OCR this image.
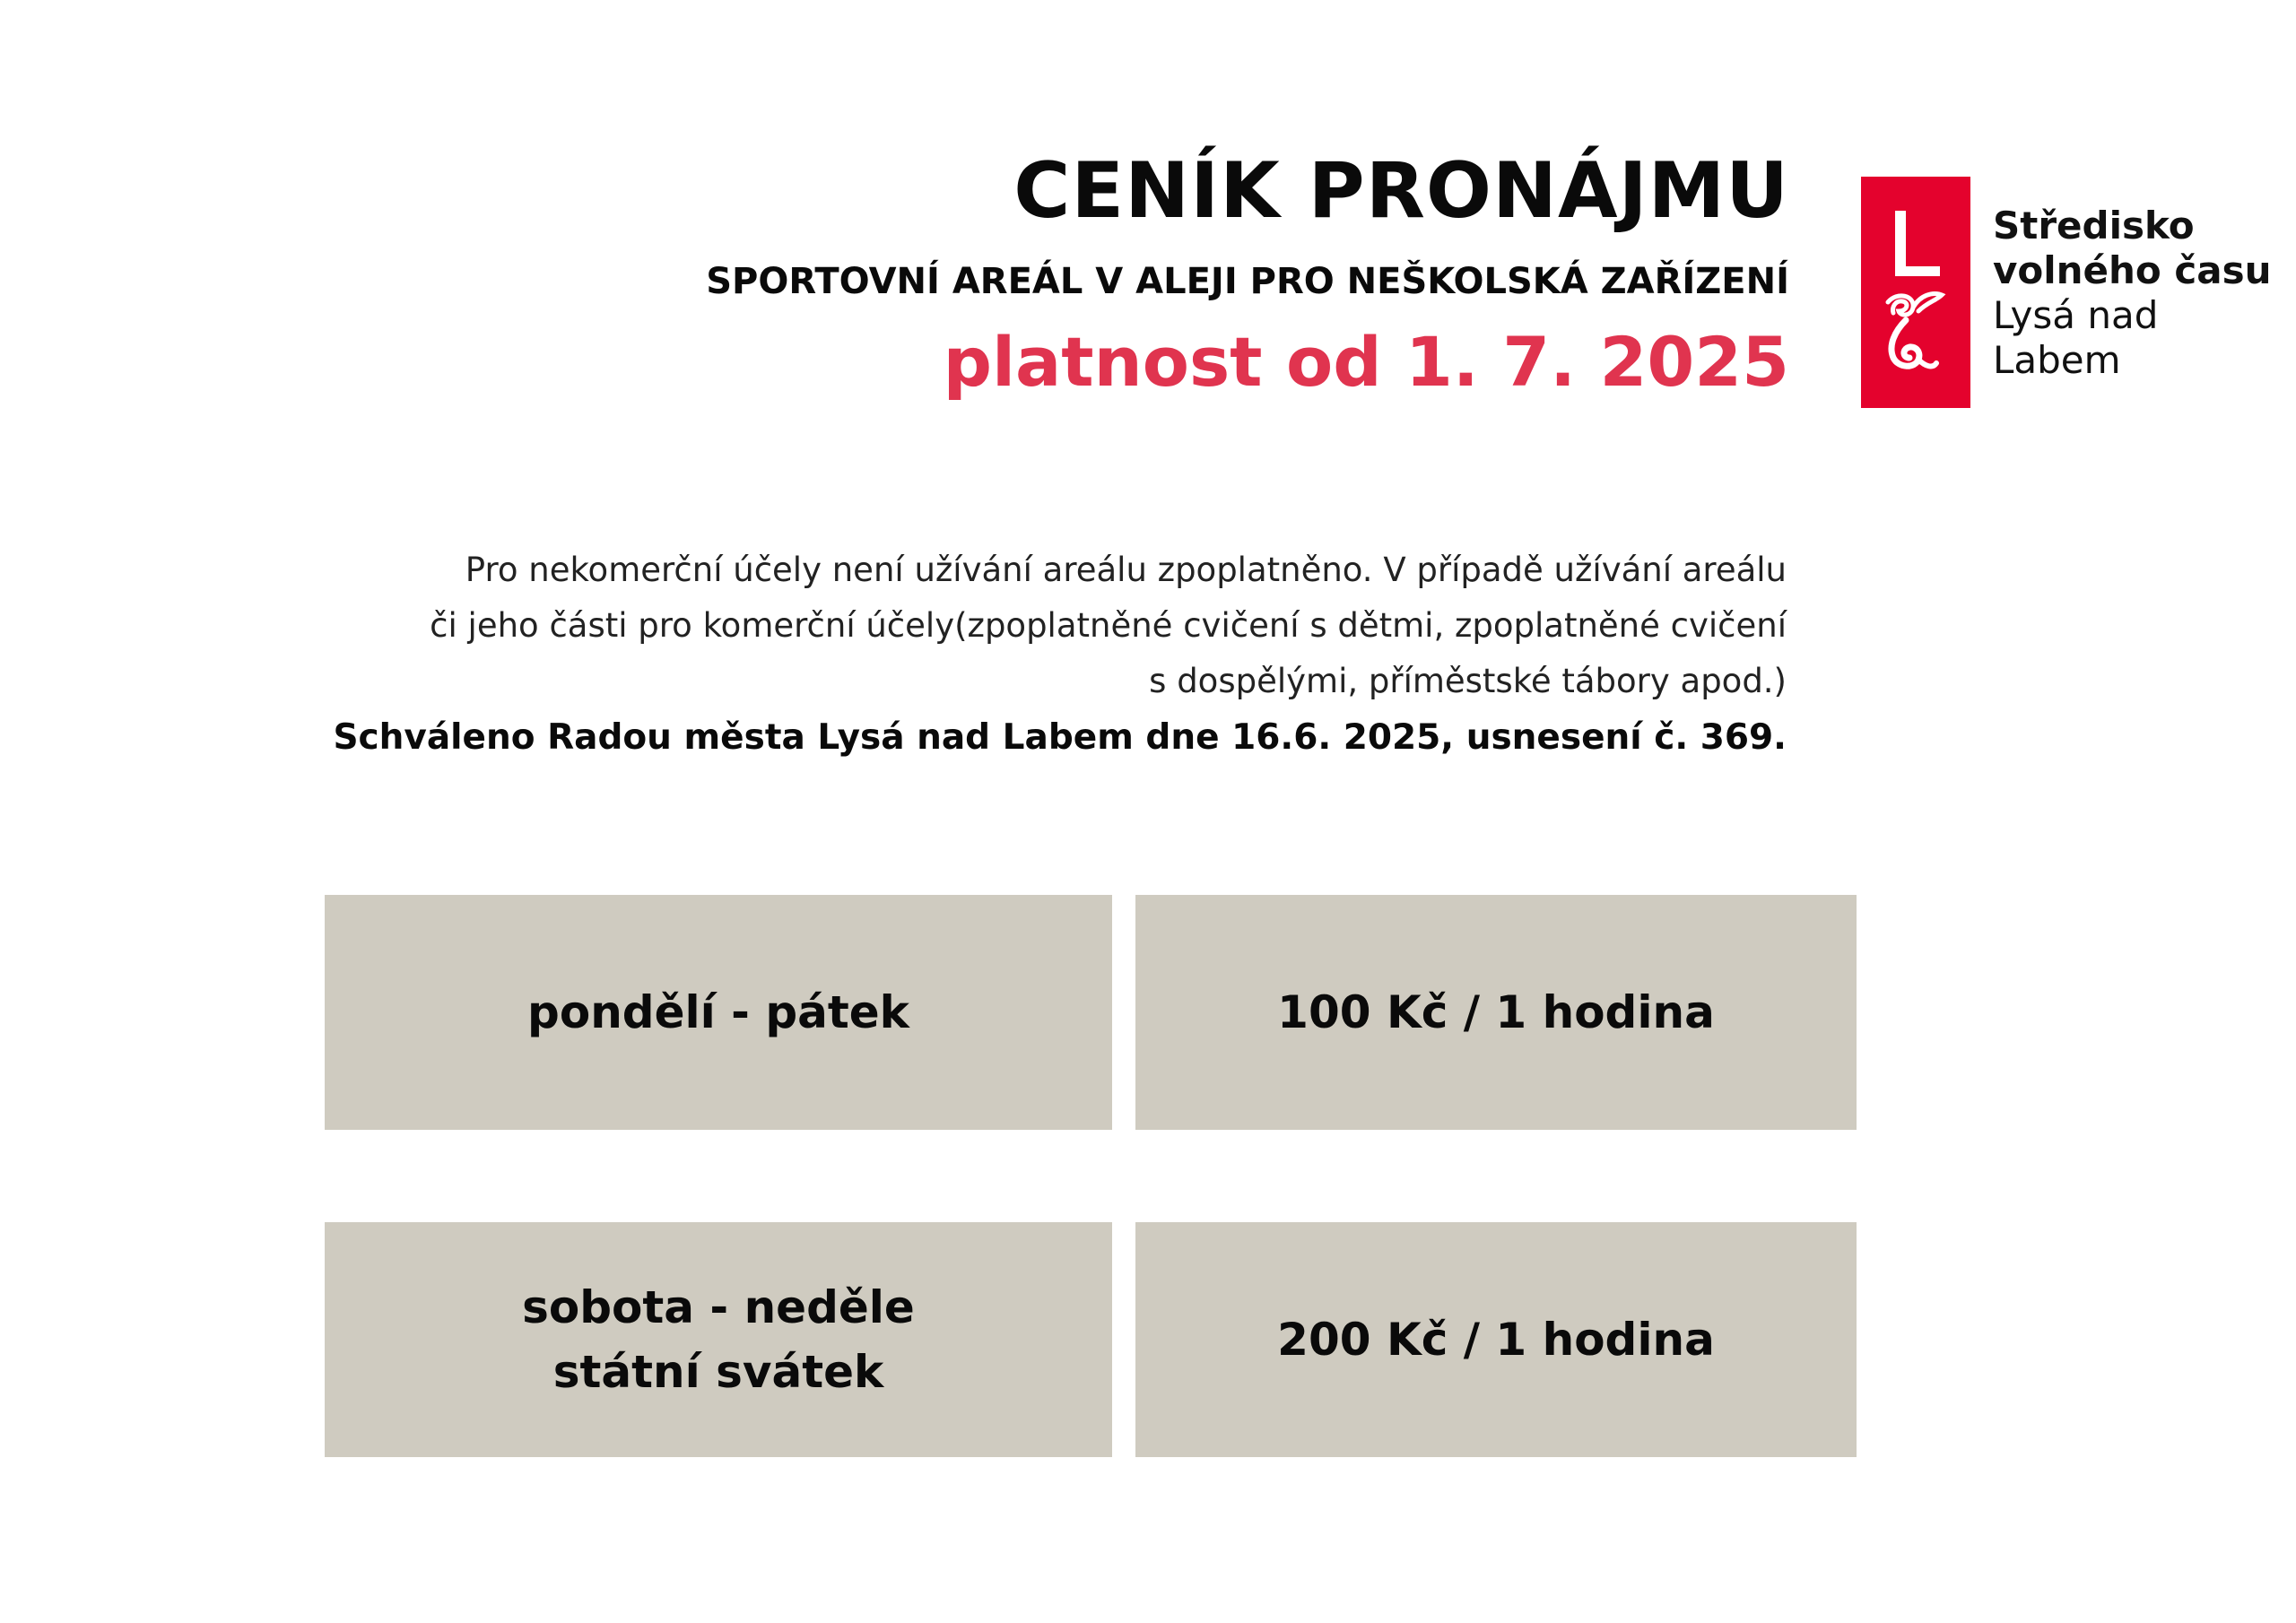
CENÍK PRONÁJMU
SPORTOVNÍ AREÁL V ALEJI PRO NEŠKOLSKÁ ZAŘÍZENÍ
platnost od 1. 7. 2025
Středisko
volného času
Lysá nad
Labem
Pro nekomerční účely není užívání areálu zpoplatněno. V případě užívání areálu
či jeho části pro komerční účely(zpoplatněné cvičení s dětmi, zpoplatněné cvičení
s dospělými, příměstské tábory apod.)
Schváleno Radou města Lysá nad Labem dne 16.6. 2025, usnesení č. 369.
pondělí - pátek	100 Kč / 1 hodina
sobota - neděle
státní svátek
200 Kč / 1 hodina
